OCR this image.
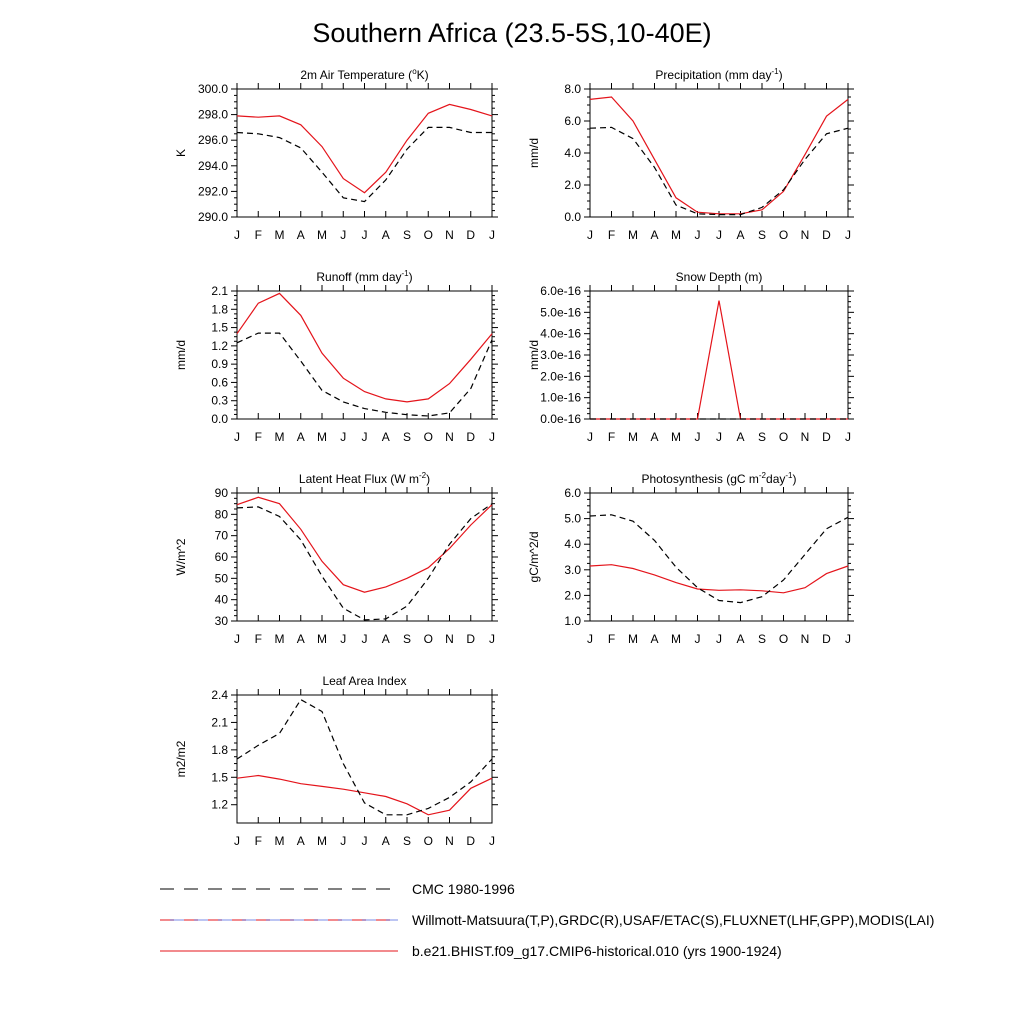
Southern Africa (23.5-5S,10-40E)
2m Air Temperature ($^o$K)
K
290.0
292.0
294.0
296.0
298.0
300.0
J F M A M J J A S O N D J
Precipitation (mm day$^{-1}$)
mm/d
0.0
2.0
4.0
6.0
8.0
J F M A M J J A S O N D J
Runoff (mm day$^{-1}$)
mm/d
0.0
0.3
0.6
0.9
1.2
1.5
1.8
2.1
J F M A M J J A S O N D J
Snow Depth (m)
mm/d
0.0e-16
1.0e-16
2.0e-16
3.0e-16
4.0e-16
5.0e-16
6.0e-16
J F M A M J J A S O N D J
Latent Heat Flux (W $m^{-2}$)
W/m^2
30
40
50
60
70
80
90
J F M A M J J A S O N D J
Photosynthesis (gC $m^{-2}day^{-1}$)
gC/m^2/d
1.0
2.0
3.0
4.0
5.0
6.0
J F M A M J J A S O N D J
Leaf Area Index
m2/m2
1.2
1.5
1.8
2.1
2.4
J F M A M J J A S O N D J
CMC 1980-1996
Willmott-Matsuura(T,P),GRDC(R),USAF/ETAC(S),FLUXNET(LHF,GPP),MODIS(LAI)
b.e21.BHIST.f09_g17.CMIP6-historical.010 (yrs 1900-1924)
